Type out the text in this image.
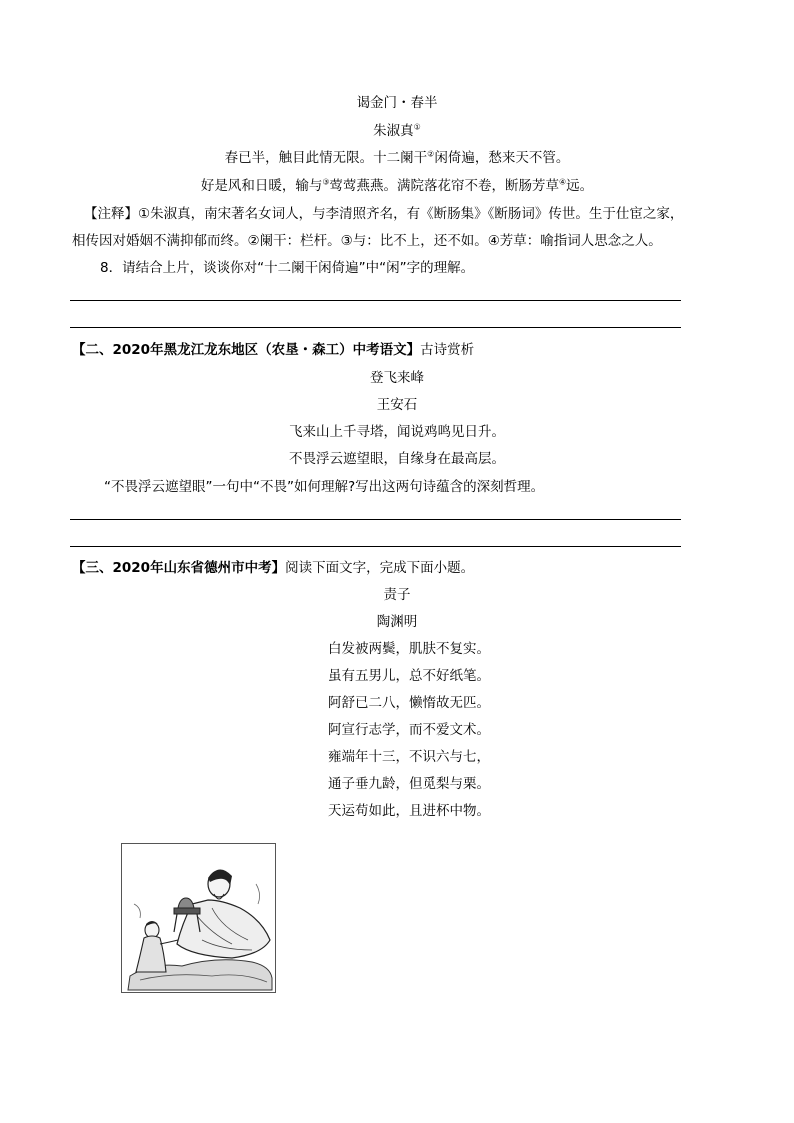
谒金门・春半
朱淑真①
春已半，触目此情无限。十二阑干②闲倚遍，愁来天不管。
好是风和日暖，输与③莺莺燕燕。满院落花帘不卷，断肠芳草④远。
【注释】①朱淑真，南宋著名女词人，与李清照齐名，有《断肠集》《断肠词》传世。生于仕宦之家，
相传因对婚姻不满抑郁而终。②阑干：栏杆。③与：比不上，还不如。④芳草：喻指词人思念之人。
8．请结合上片，谈谈你对“十二阑干闲倚遍”中“闲”字的理解。
【二、2020年黑龙江龙东地区（农垦・森工）中考语文】古诗赏析
登飞来峰
王安石
飞来山上千寻塔，闻说鸡鸣见日升。
不畏浮云遮望眼，自缘身在最高层。
“不畏浮云遮望眼”一句中“不畏”如何理解?写出这两句诗蕴含的深刻哲理。
【三、2020年山东省德州市中考】阅读下面文字，完成下面小题。
责子
陶渊明
白发被两鬓，肌肤不复实。
虽有五男儿，总不好纸笔。
阿舒已二八，懒惰故无匹。
阿宣行志学，而不爱文术。
雍端年十三，不识六与七，
通子垂九龄，但觅梨与栗。
天运苟如此，且进杯中物。
